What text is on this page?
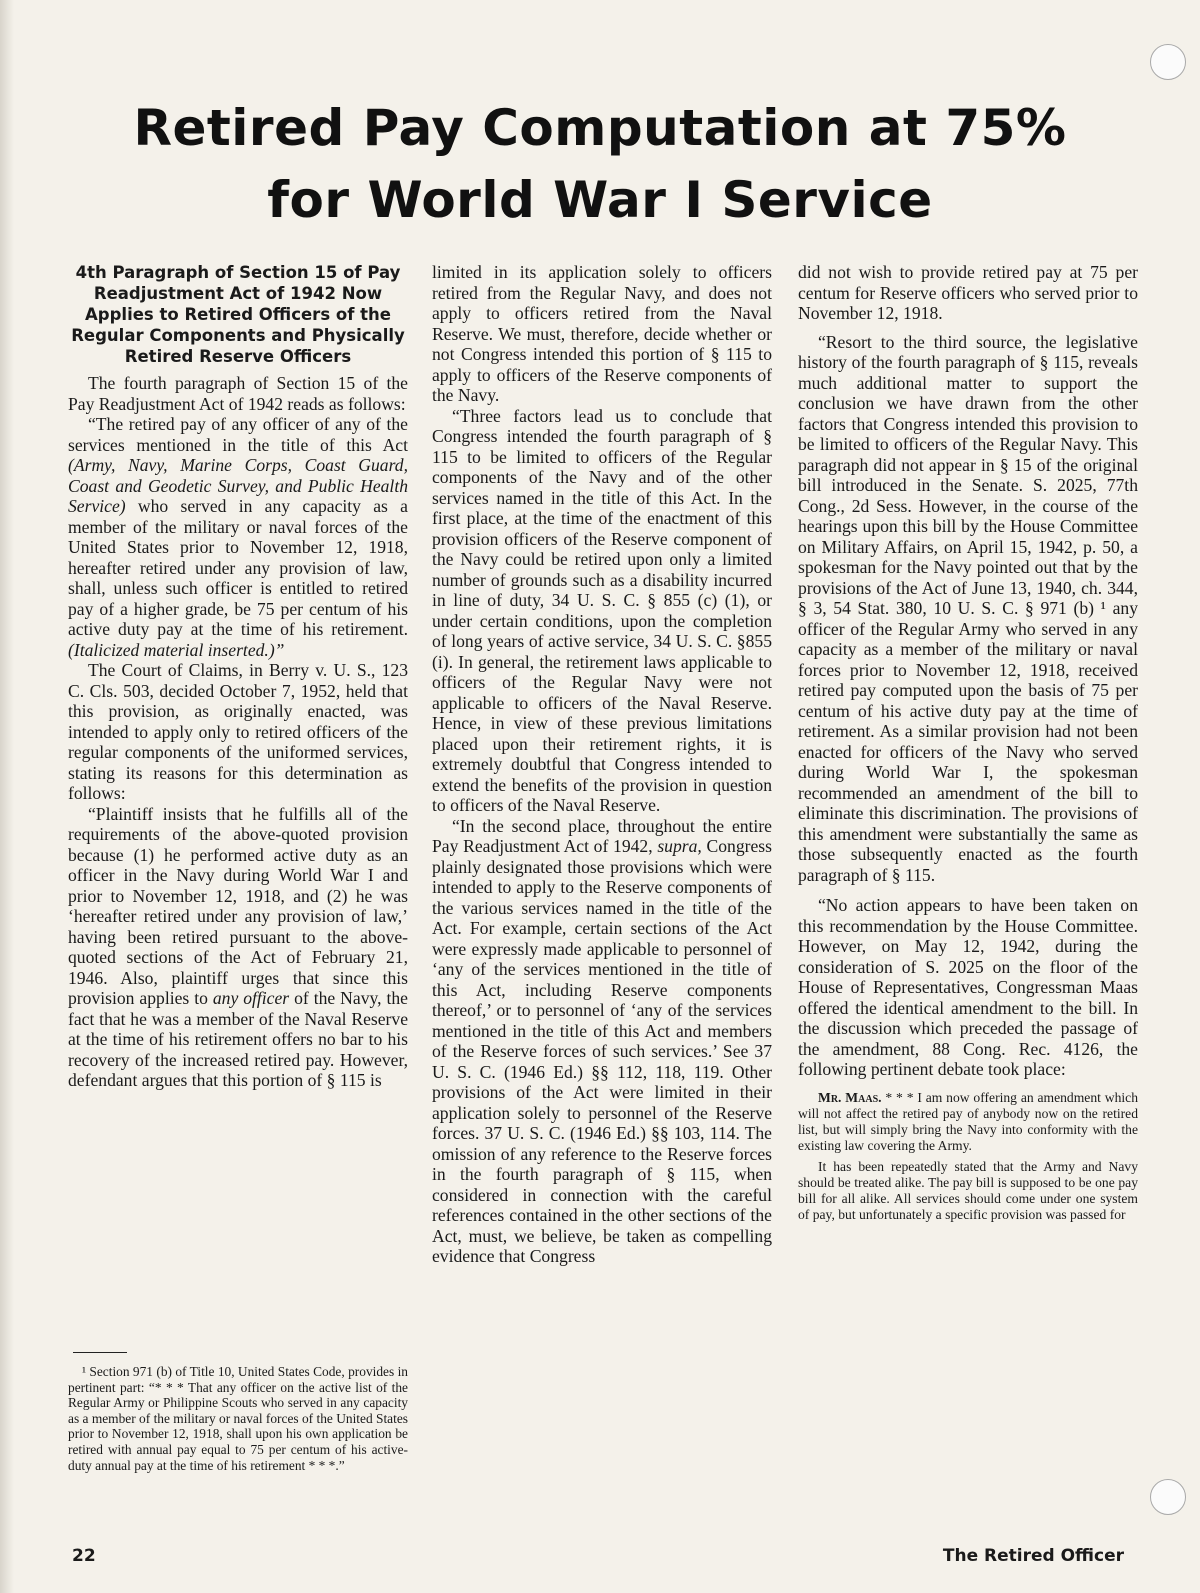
Retired Pay Computation at 75%
for World War I Service
4th Paragraph of Section 15 of Pay Readjustment Act of 1942 Now Applies to Retired Officers of the Regular Components and Physically Retired Reserve Officers

The fourth paragraph of Section 15 of the Pay Readjustment Act of 1942 reads as follows:

“The retired pay of any officer of any of the services mentioned in the title of this Act (Army, Navy, Marine Corps, Coast Guard, Coast and Geodetic Survey, and Public Health Service) who served in any capacity as a member of the military or naval forces of the United States prior to November 12, 1918, hereafter retired under any provision of law, shall, unless such officer is entitled to retired pay of a higher grade, be 75 per centum of his active duty pay at the time of his retirement. (Italicized material inserted.)”

The Court of Claims, in Berry v. U. S., 123 C. Cls. 503, decided October 7, 1952, held that this provision, as originally enacted, was intended to apply only to retired officers of the regular components of the uniformed services, stating its reasons for this determination as follows:

“Plaintiff insists that he fulfills all of the requirements of the above-quoted provision because (1) he performed active duty as an officer in the Navy during World War I and prior to November 12, 1918, and (2) he was ‘hereafter retired under any provision of law,’ having been retired pursuant to the above-quoted sections of the Act of February 21, 1946. Also, plaintiff urges that since this provision applies to any officer of the Navy, the fact that he was a member of the Naval Reserve at the time of his retirement offers no bar to his recovery of the increased retired pay. However, defendant argues that this portion of § 115 is

¹ Section 971 (b) of Title 10, United States Code, provides in pertinent part: “* * * That any officer on the active list of the Regular Army or Philippine Scouts who served in any capacity as a member of the military or naval forces of the United States prior to November 12, 1918, shall upon his own application be retired with annual pay equal to 75 per centum of his active-duty annual pay at the time of his retirement * * *.”

limited in its application solely to officers retired from the Regular Navy, and does not apply to officers retired from the Naval Reserve. We must, therefore, decide whether or not Congress intended this portion of § 115 to apply to officers of the Reserve components of the Navy.

“Three factors lead us to conclude that Congress intended the fourth paragraph of § 115 to be limited to officers of the Regular components of the Navy and of the other services named in the title of this Act. In the first place, at the time of the enactment of this provision officers of the Reserve component of the Navy could be retired upon only a limited number of grounds such as a disability incurred in line of duty, 34 U. S. C. § 855 (c) (1), or under certain conditions, upon the completion of long years of active service, 34 U. S. C. §855 (i). In general, the retirement laws applicable to officers of the Regular Navy were not applicable to officers of the Naval Reserve. Hence, in view of these previous limitations placed upon their retirement rights, it is extremely doubtful that Congress intended to extend the benefits of the provision in question to officers of the Naval Reserve.

“In the second place, throughout the entire Pay Readjustment Act of 1942, supra, Congress plainly designated those provisions which were intended to apply to the Reserve components of the various services named in the title of the Act. For example, certain sections of the Act were expressly made applicable to personnel of ‘any of the services mentioned in the title of this Act, including Reserve components thereof,’ or to personnel of ‘any of the services mentioned in the title of this Act and members of the Reserve forces of such services.’ See 37 U. S. C. (1946 Ed.) §§ 112, 118, 119. Other provisions of the Act were limited in their application solely to personnel of the Reserve forces. 37 U. S. C. (1946 Ed.) §§ 103, 114. The omission of any reference to the Reserve forces in the fourth paragraph of § 115, when considered in connection with the careful references contained in the other sections of the Act, must, we believe, be taken as compelling evidence that Congress

did not wish to provide retired pay at 75 per centum for Reserve officers who served prior to November 12, 1918.

“Resort to the third source, the legislative history of the fourth paragraph of § 115, reveals much additional matter to support the conclusion we have drawn from the other factors that Congress intended this provision to be limited to officers of the Regular Navy. This paragraph did not appear in § 15 of the original bill introduced in the Senate. S. 2025, 77th Cong., 2d Sess. However, in the course of the hearings upon this bill by the House Committee on Military Affairs, on April 15, 1942, p. 50, a spokesman for the Navy pointed out that by the provisions of the Act of June 13, 1940, ch. 344, § 3, 54 Stat. 380, 10 U. S. C. § 971 (b) ¹ any officer of the Regular Army who served in any capacity as a member of the military or naval forces prior to November 12, 1918, received retired pay computed upon the basis of 75 per centum of his active duty pay at the time of retirement. As a similar provision had not been enacted for officers of the Navy who served during World War I, the spokesman recommended an amendment of the bill to eliminate this discrimination. The provisions of this amendment were substantially the same as those subsequently enacted as the fourth paragraph of § 115.

“No action appears to have been taken on this recommendation by the House Committee. However, on May 12, 1942, during the consideration of S. 2025 on the floor of the House of Representatives, Congressman Maas offered the identical amendment to the bill. In the discussion which preceded the passage of the amendment, 88 Cong. Rec. 4126, the following pertinent debate took place:

Mr. Maas. * * * I am now offering an amendment which will not affect the retired pay of anybody now on the retired list, but will simply bring the Navy into conformity with the existing law covering the Army.

It has been repeatedly stated that the Army and Navy should be treated alike. The pay bill is supposed to be one pay bill for all alike. All services should come under one system of pay, but unfortunately a specific provision was passed for

22	The Retired Officer
